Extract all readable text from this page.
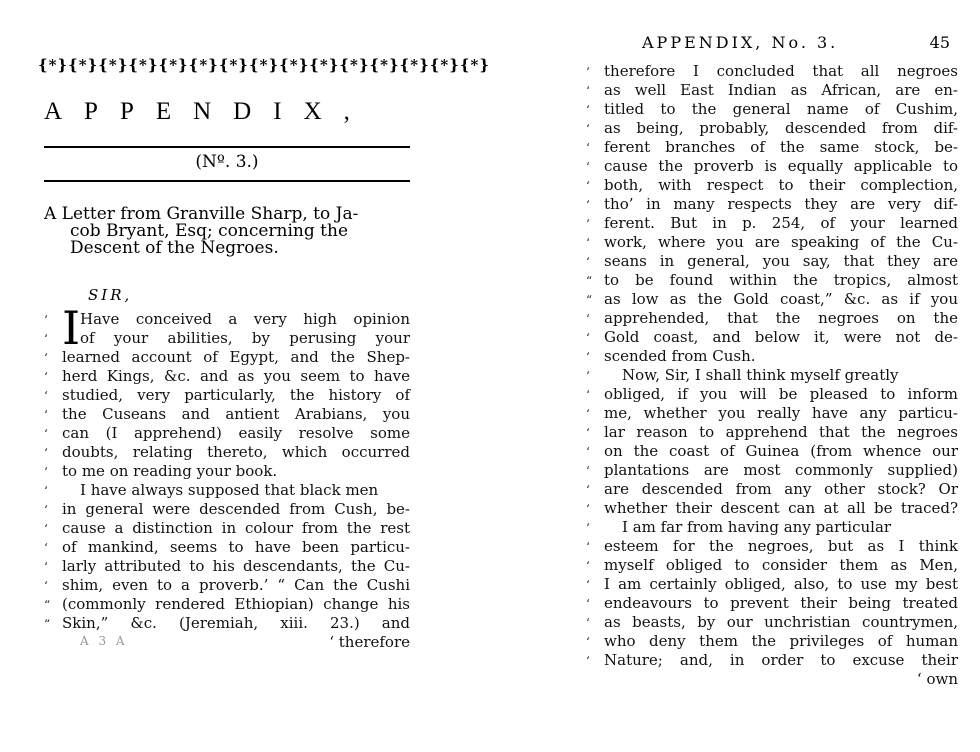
{*}{*}{*}{*}{*}{*}{*}{*}{*}{*}{*}{*}{*}{*}{*}
APPENDIX,
(Nº. 3.)
A Letter from Granville Sharp, to Ja-
cob Bryant, Esq; concerning the
Descent of the Negroes.
SIR,
I
‘	Have conceived a very high opinion
‘	of your abilities, by perusing your
‘ learned account of Egypt, and the Shep-
‘ herd Kings, &c. and as you seem to have
‘ studied, very particularly, the history of
‘ the Cuseans and antient Arabians, you
‘ can (I apprehend) easily resolve some
‘ doubts, relating thereto, which occurred
‘ to me on reading your book.
‘	I have always supposed that black men
‘ in general were descended from Cush, be-
‘ cause a distinction in colour from the rest
‘ of mankind, seems to have been particu-
‘ larly attributed to his descendants, the Cu-
‘ shim, even to a proverb.’ “ Can the Cushi
“ (commonly rendered Ethiopian) change his
“ Skin,” &c. (Jeremiah, xiii. 23.) and
‘ therefore
A 3 A
APPENDIX, No. 3.	45
‘ therefore I concluded that all negroes
‘ as well East Indian as African, are en-
‘ titled to the general name of Cushim,
‘ as being, probably, descended from dif-
‘ ferent branches of the same stock, be-
‘ cause the proverb is equally applicable to
‘ both, with respect to their complection,
‘ tho’ in many respects they are very dif-
‘ ferent. But in p. 254, of your learned
‘ work, where you are speaking of the Cu-
‘ seans in general, you say, that they are
“ to be found within the tropics, almost
“ as low as the Gold coast,” &c. as if you
‘ apprehended, that the negroes on the
‘ Gold coast, and below it, were not de-
‘ scended from Cush.
‘	Now, Sir, I shall think myself greatly
‘ obliged, if you will be pleased to inform
‘ me, whether you really have any particu-
‘ lar reason to apprehend that the negroes
‘ on the coast of Guinea (from whence our
‘ plantations are most commonly supplied)
‘ are descended from any other stock? Or
‘ whether their descent can at all be traced?
‘	I am far from having any particular
‘ esteem for the negroes, but as I think
‘ myself obliged to consider them as Men,
‘ I am certainly obliged, also, to use my best
‘ endeavours to prevent their being treated
‘ as beasts, by our unchristian countrymen,
‘ who deny them the privileges of human
‘ Nature; and, in order to excuse their
‘ own
